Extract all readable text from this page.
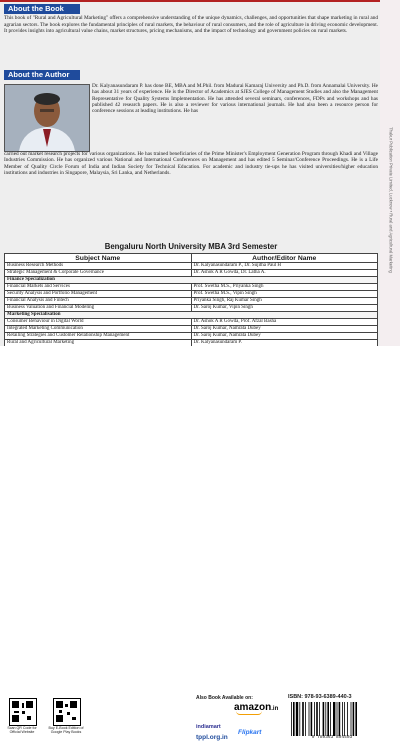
About the Book

This book of "Rural and Agricultural Marketing" offers a comprehensive understanding of the unique dynamics, challenges, and opportunities that shape marketing in rural and agrarian sectors. The book explores the fundamental principles of rural markets, the behaviour of rural consumers, and the role of agriculture in driving economic development. It provides insights into agricultural value chains, market structures, pricing mechanisms, and the impact of technology and government policies on rural markets.

About the Author
Dr. Kalyanasundaram P. has done BE, MBA and M.Phil. from Madurai Kamaraj University and Ph.D. from Annamalai University. He has about 31 years of experience. He is the Director of Academics at SJES College of Management Studies and also the Management Representative for Quality Systems Implementation. He has attended several seminars, conferences, FDPs and workshops and has published 42 research papers. He is also a reviewer for various international journals. He had also been a resource person for conference sessions at leading institutions. He has
carried out market research projects for various organizations. He has trained beneficiaries of the Prime Minister's Employment Generation Program through Khadi and Village Industries Commission. He has organized various National and International Conferences on Management and has edited 5 Seminar/Conference Proceedings. He is a Life Member of Quality Circle Forum of India and Indian Society for Technical Education. For academic and industry tie-ups he has visited universities/higher education institutions and industries in Singapore, Malaysia, Sri Lanka, and Netherlands.
Bengaluru North University MBA 3rd Semester
Subject Name	Author/Editor Name
Business Research Methods	Dr. Kalyanasundaram P., Dr. Sujitha Paul H
Strategic Management & Corporate Governance	Dr. Ashok A R Gowda, Dr. Latha A.
Finance Specialization	
Financial Markets and Services	Prof. Swetha M.S., Priyanka Singh
Security Analysis and Portfolio Management	Prof. Swetha M.S., Vipin Singh
Financial Analysis and Fintech	Priyanka Singh, Raj Kumar Singh
Business Valuation and Financial Modeling	Dr. Saroj Kumar, Vipin Singh
Marketing Specialisation	
Consumer Behaviour in Digital World	Dr. Ashok A R Gowda, Prof. Afzal Basha
Integrated Marketing Communication	Dr. Saroj Kumar, Namrata Dubey
Retailing Strategies and Customer Relationship Management	Dr. Saroj Kumar, Namrata Dubey
Rural and Agricultural Marketing	Dr. Kalyanasundaram P.

Thakur Publication Private Limited, Lucknow • Rural and Agricultural Marketing
Scan QR Code for Official Website
Buy E-Book Edition of Google Play Books
Also Book Available on:
amazon.in
indiamart
Flipkart
tppl.org.in
ISBN: 978-93-6389-440-3
9 789363 894403
